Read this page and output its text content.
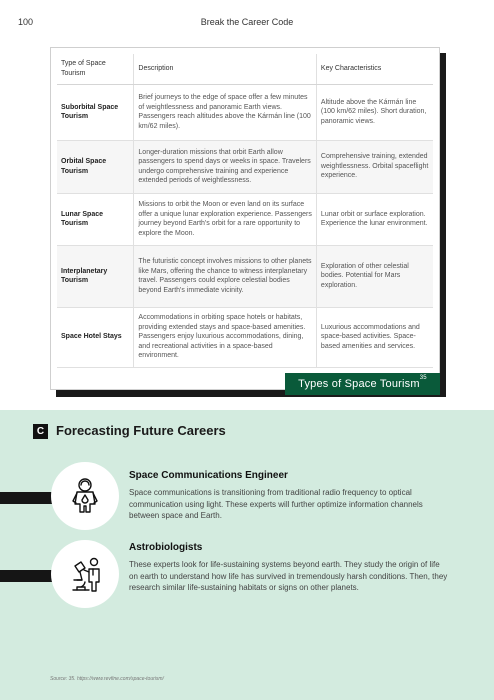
100	Break the Career Code
Type of Space Tourism	Description	Key Characteristics
Suborbital Space Tourism	Brief journeys to the edge of space offer a few minutes of weightlessness and panoramic Earth views. Passengers reach altitudes above the Kármán line (100 km/62 miles).	Altitude above the Kármán line (100 km/62 miles). Short duration, panoramic views.
Orbital Space Tourism	Longer-duration missions that orbit Earth allow passengers to spend days or weeks in space. Travelers undergo comprehensive training and experience extended periods of weightlessness.	Comprehensive training, extended weightlessness. Orbital spaceflight experience.
Lunar Space Tourism	Missions to orbit the Moon or even land on its surface offer a unique lunar exploration experience. Passengers journey beyond Earth's orbit for a rare opportunity to explore the Moon.	Lunar orbit or surface exploration. Experience the lunar environment.
Interplanetary Tourism	The futuristic concept involves missions to other planets like Mars, offering the chance to witness interplanetary travel. Passengers could explore celestial bodies beyond Earth's immediate vicinity.	Exploration of other celestial bodies. Potential for Mars exploration.
Space Hotel Stays	Accommodations in orbiting space hotels or habitats, providing extended stays and space-based amenities. Passengers enjoy luxurious accommodations, dining, and recreational activities in a space-based environment.	Luxurious accommodations and space-based activities. Space-based amenities and services.
Types of Space Tourism$^{35}$
C Forecasting Future Careers
Space Communications Engineer
Space communications is transitioning from traditional radio frequency to optical communication using light. These experts will further optimize information channels between space and Earth.
Astrobiologists
These experts look for life-sustaining systems beyond earth. They study the origin of life on earth to understand how life has survived in tremendously harsh conditions. Then, they research similar life-sustaining habitats or signs on other planets.
Source: 35. https://www.revfine.com/space-tourism/
